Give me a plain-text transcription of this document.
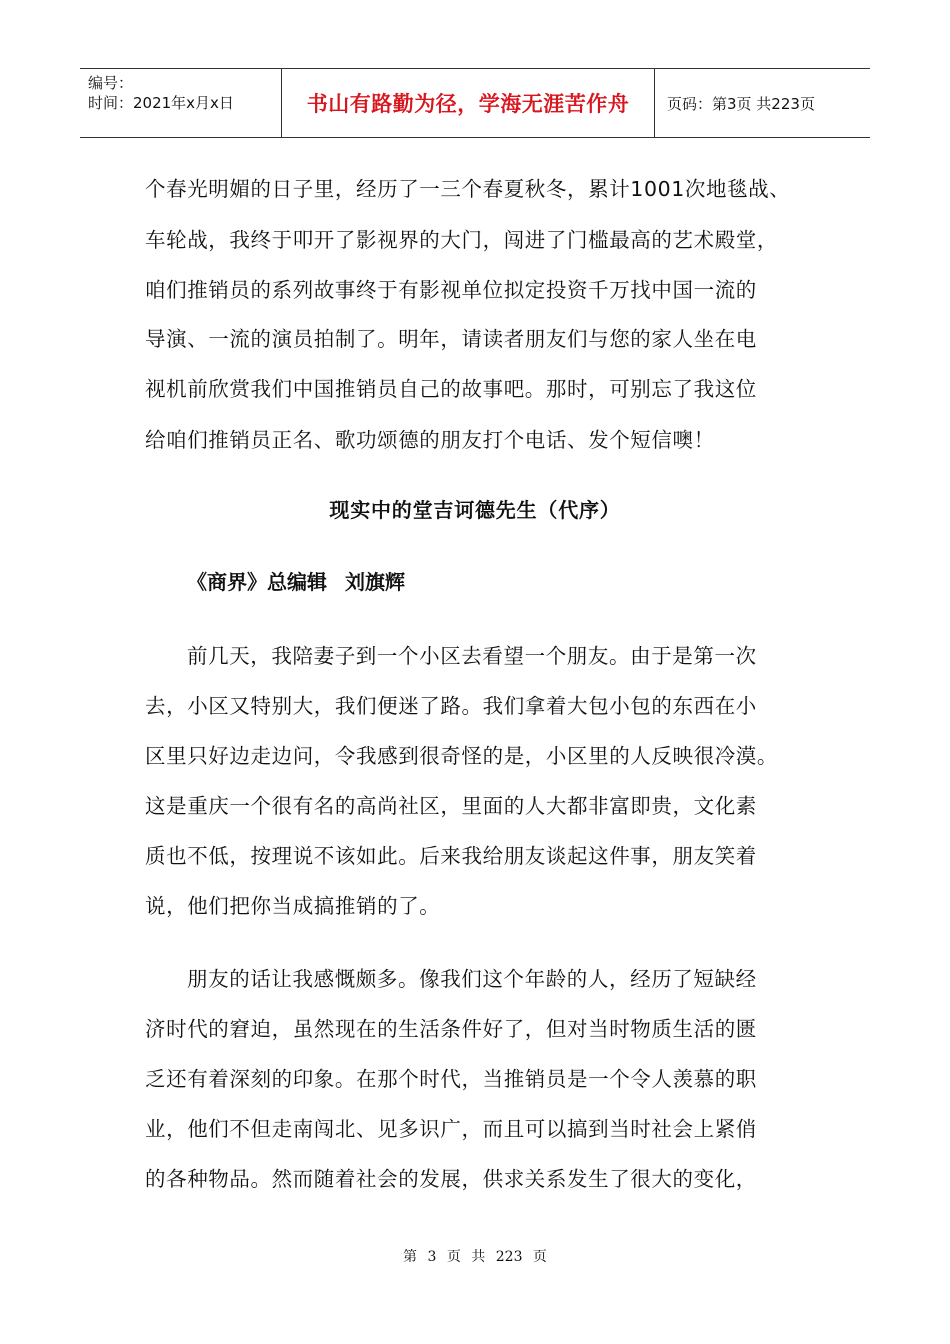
编号：
时间：2021年x月x日	书山有路勤为径，学海无涯苦作舟	页码：第3页 共223页
个春光明媚的日子里，经历了一三个春夏秋冬，累计1001次地毯战、
车轮战，我终于叩开了影视界的大门，闯进了门槛最高的艺术殿堂，
咱们推销员的系列故事终于有影视单位拟定投资千万找中国一流的
导演、一流的演员拍制了。明年，请读者朋友们与您的家人坐在电
视机前欣赏我们中国推销员自己的故事吧。那时，可别忘了我这位
给咱们推销员正名、歌功颂德的朋友打个电话、发个短信噢！
现实中的堂吉诃德先生（代序）
《商界》总编辑 刘旗辉
前几天，我陪妻子到一个小区去看望一个朋友。由于是第一次
去，小区又特别大，我们便迷了路。我们拿着大包小包的东西在小
区里只好边走边问，令我感到很奇怪的是，小区里的人反映很冷漠。
这是重庆一个很有名的高尚社区，里面的人大都非富即贵，文化素
质也不低，按理说不该如此。后来我给朋友谈起这件事，朋友笑着
说，他们把你当成搞推销的了。
朋友的话让我感慨颇多。像我们这个年龄的人，经历了短缺经
济时代的窘迫，虽然现在的生活条件好了，但对当时物质生活的匮
乏还有着深刻的印象。在那个时代，当推销员是一个令人羡慕的职
业，他们不但走南闯北、见多识广，而且可以搞到当时社会上紧俏
的各种物品。然而随着社会的发展，供求关系发生了很大的变化，
第 3 页 共 223 页
